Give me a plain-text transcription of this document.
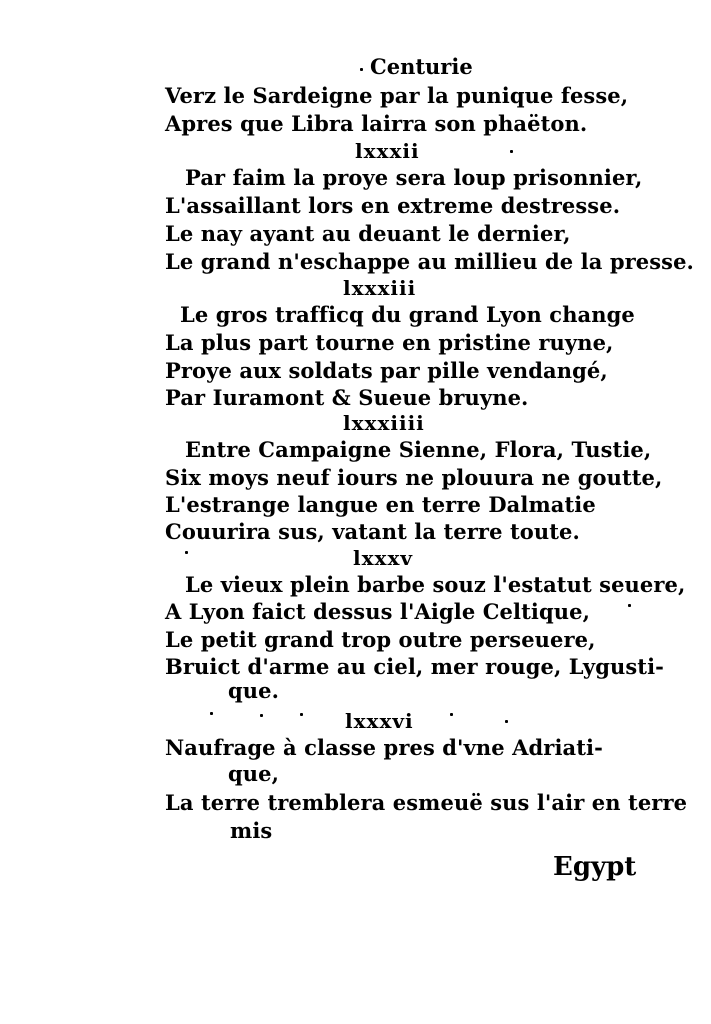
Centurie
Verz le Sardeigne par la punique fesse,
Apres que Libra lairra son phaëton.
lxxxii
Par faim la proye sera loup prisonnier,
L'assaillant lors en extreme destresse.
Le nay ayant au deuant le dernier,
Le grand n'eschappe au millieu de la presse.
lxxxiii
Le gros trafficq du grand Lyon change
La plus part tourne en pristine ruyne,
Proye aux soldats par pille vendangé,
Par Iuramont & Sueue bruyne.
lxxxiiii
Entre Campaigne Sienne, Flora, Tustie,
Six moys neuf iours ne plouura ne goutte,
L'estrange langue en terre Dalmatie
Couurira sus, vatant la terre toute.
lxxxv
Le vieux plein barbe souz l'estatut seuere,
A Lyon faict dessus l'Aigle Celtique,
Le petit grand trop outre perseuere,
Bruict d'arme au ciel, mer rouge, Lygusti-
que.
lxxxvi
Naufrage à classe pres d'vne Adriati-
que,
La terre tremblera esmeuë sus l'air en terre
mis
Egypt
